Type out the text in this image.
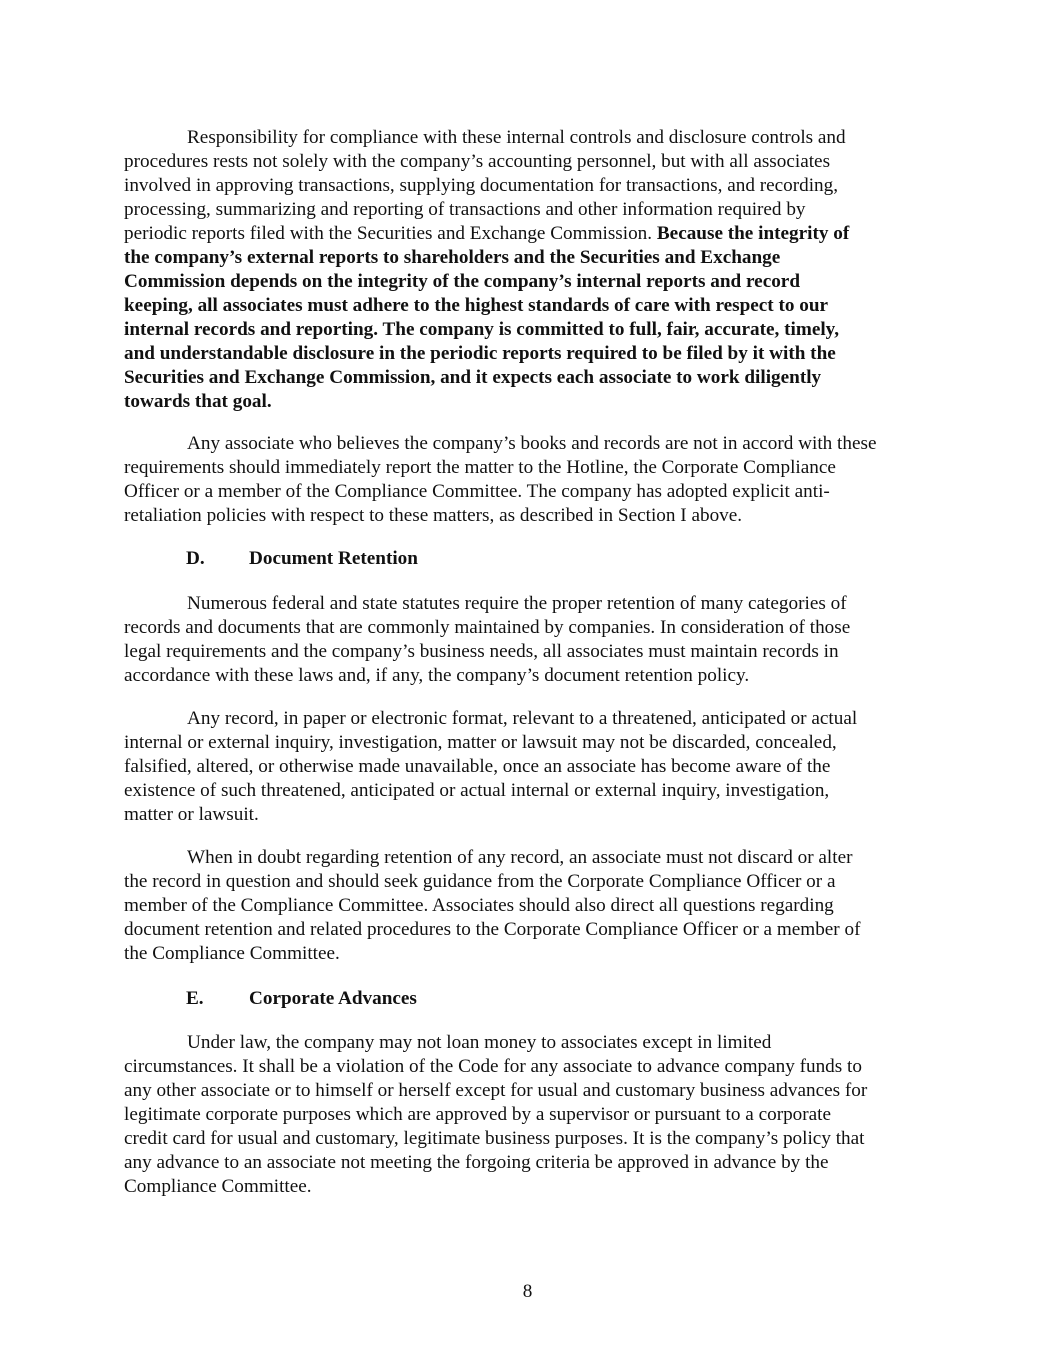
Responsibility for compliance with these internal controls and disclosure controls and
procedures rests not solely with the company’s accounting personnel, but with all associates
involved in approving transactions, supplying documentation for transactions, and recording,
processing, summarizing and reporting of transactions and other information required by
periodic reports filed with the Securities and Exchange Commission. Because the integrity of
the company’s external reports to shareholders and the Securities and Exchange
Commission depends on the integrity of the company’s internal reports and record
keeping, all associates must adhere to the highest standards of care with respect to our
internal records and reporting. The company is committed to full, fair, accurate, timely,
and understandable disclosure in the periodic reports required to be filed by it with the
Securities and Exchange Commission, and it expects each associate to work diligently
towards that goal.
Any associate who believes the company’s books and records are not in accord with these
requirements should immediately report the matter to the Hotline, the Corporate Compliance
Officer or a member of the Compliance Committee. The company has adopted explicit anti-
retaliation policies with respect to these matters, as described in Section I above.
D. Document Retention
Numerous federal and state statutes require the proper retention of many categories of
records and documents that are commonly maintained by companies. In consideration of those
legal requirements and the company’s business needs, all associates must maintain records in
accordance with these laws and, if any, the company’s document retention policy.
Any record, in paper or electronic format, relevant to a threatened, anticipated or actual
internal or external inquiry, investigation, matter or lawsuit may not be discarded, concealed,
falsified, altered, or otherwise made unavailable, once an associate has become aware of the
existence of such threatened, anticipated or actual internal or external inquiry, investigation,
matter or lawsuit.
When in doubt regarding retention of any record, an associate must not discard or alter
the record in question and should seek guidance from the Corporate Compliance Officer or a
member of the Compliance Committee. Associates should also direct all questions regarding
document retention and related procedures to the Corporate Compliance Officer or a member of
the Compliance Committee.
E. Corporate Advances
Under law, the company may not loan money to associates except in limited
circumstances. It shall be a violation of the Code for any associate to advance company funds to
any other associate or to himself or herself except for usual and customary business advances for
legitimate corporate purposes which are approved by a supervisor or pursuant to a corporate
credit card for usual and customary, legitimate business purposes. It is the company’s policy that
any advance to an associate not meeting the forgoing criteria be approved in advance by the
Compliance Committee.
8
